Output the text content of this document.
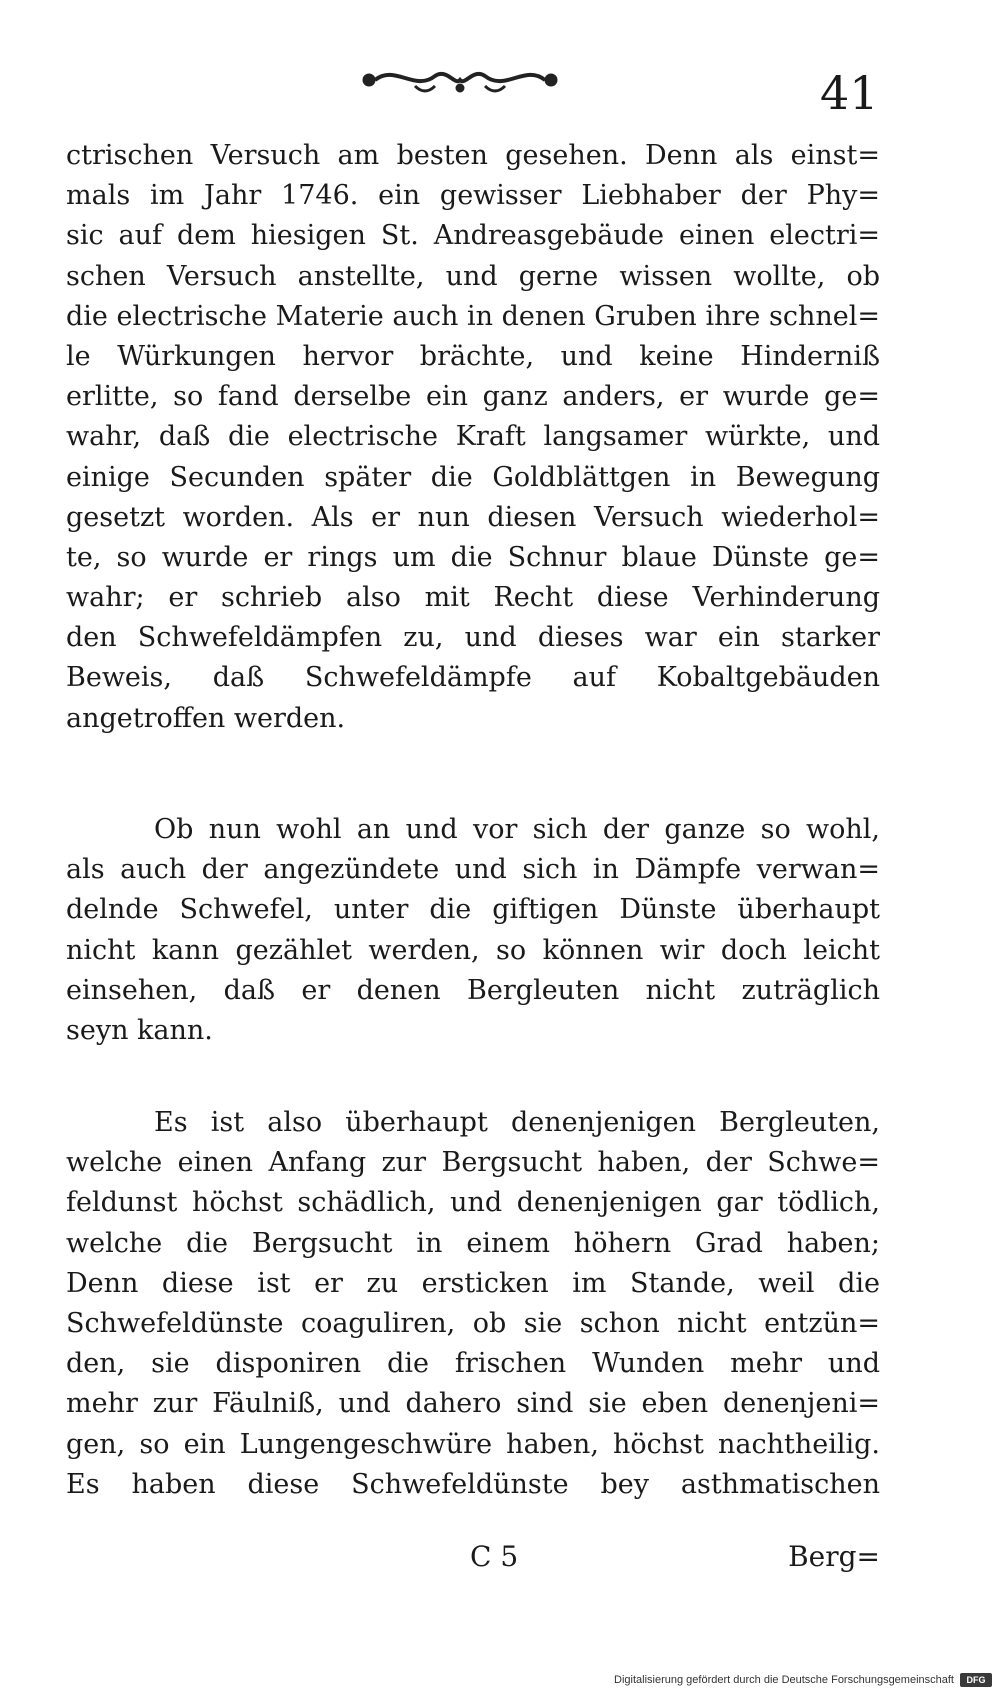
41
ctrischen Versuch am besten gesehen. Denn als einst=
mals im Jahr 1746. ein gewisser Liebhaber der Phy=
sic auf dem hiesigen St. Andreasgebäude einen electri=
schen Versuch anstellte, und gerne wissen wollte, ob
die electrische Materie auch in denen Gruben ihre schnel=
le Würkungen hervor brächte, und keine Hinderniß
erlitte, so fand derselbe ein ganz anders, er wurde ge=
wahr, daß die electrische Kraft langsamer würkte, und
einige Secunden später die Goldblättgen in Bewegung
gesetzt worden. Als er nun diesen Versuch wiederhol=
te, so wurde er rings um die Schnur blaue Dünste ge=
wahr; er schrieb also mit Recht diese Verhinderung
den Schwefeldämpfen zu, und dieses war ein starker
Beweis, daß Schwefeldämpfe auf Kobaltgebäuden
angetroffen werden.
Ob nun wohl an und vor sich der ganze so wohl,
als auch der angezündete und sich in Dämpfe verwan=
delnde Schwefel, unter die giftigen Dünste überhaupt
nicht kann gezählet werden, so können wir doch leicht
einsehen, daß er denen Bergleuten nicht zuträglich
seyn kann.
Es ist also überhaupt denenjenigen Bergleuten,
welche einen Anfang zur Bergsucht haben, der Schwe=
feldunst höchst schädlich, und denenjenigen gar tödlich,
welche die Bergsucht in einem höhern Grad haben;
Denn diese ist er zu ersticken im Stande, weil die
Schwefeldünste coaguliren, ob sie schon nicht entzün=
den, sie disponiren die frischen Wunden mehr und
mehr zur Fäulniß, und dahero sind sie eben denenjeni=
gen, so ein Lungengeschwüre haben, höchst nachtheilig.
Es haben diese Schwefeldünste bey asthmatischen
C 5	Berg=
Digitalisierung gefördert durch die Deutsche Forschungsgemeinschaft	DFG
